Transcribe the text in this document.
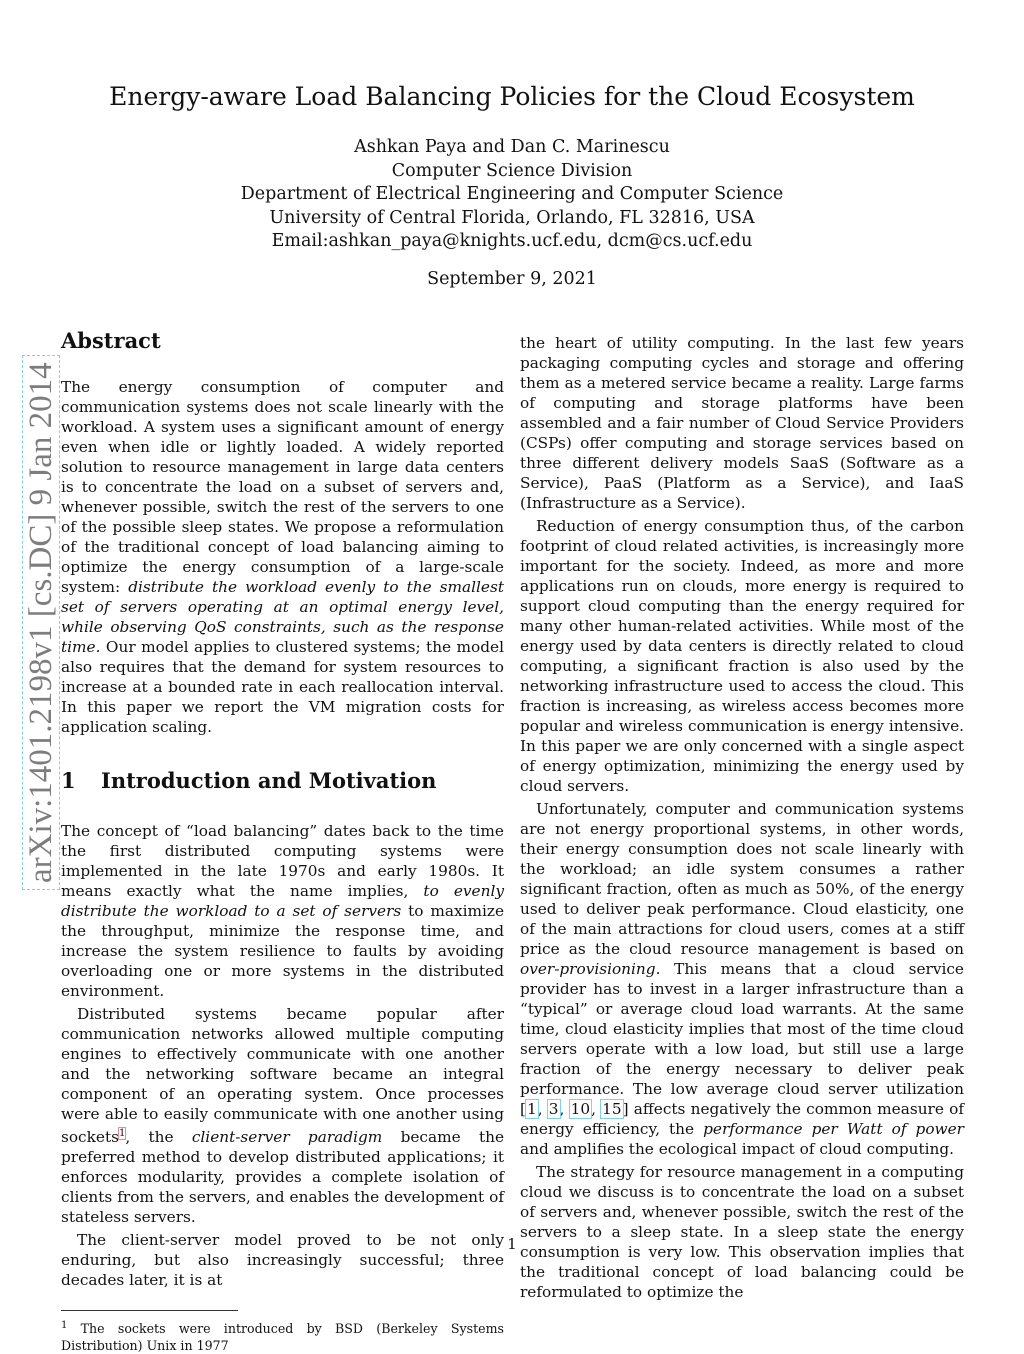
Energy-aware Load Balancing Policies for the Cloud Ecosystem
Ashkan Paya and Dan C. Marinescu
Computer Science Division
Department of Electrical Engineering and Computer Science
University of Central Florida, Orlando, FL 32816, USA
Email:ashkan_paya@knights.ucf.edu, dcm@cs.ucf.edu
September 9, 2021
arXiv:1401.2198v1 [cs.DC] 9 Jan 2014
Abstract

The energy consumption of computer and communication systems does not scale linearly with the workload. A system uses a significant amount of energy even when idle or lightly loaded. A widely reported solution to resource management in large data centers is to concentrate the load on a subset of servers and, whenever possible, switch the rest of the servers to one of the possible sleep states. We propose a reformulation of the traditional concept of load balancing aiming to optimize the energy consumption of a large-scale system: distribute the workload evenly to the smallest set of servers operating at an optimal energy level, while observing QoS constraints, such as the response time. Our model applies to clustered systems; the model also requires that the demand for system resources to increase at a bounded rate in each reallocation interval. In this paper we report the VM migration costs for application scaling.

1 Introduction and Motivation

The concept of “load balancing” dates back to the time the first distributed computing systems were implemented in the late 1970s and early 1980s. It means exactly what the name implies, to evenly distribute the workload to a set of servers to maximize the throughput, minimize the response time, and increase the system resilience to faults by avoiding overloading one or more systems in the distributed environment.

Distributed systems became popular after communication networks allowed multiple computing engines to effectively communicate with one another and the networking software became an integral component of an operating system. Once processes were able to easily communicate with one another using sockets$^1$, the client-server paradigm became the preferred method to develop distributed applications; it enforces modularity, provides a complete isolation of clients from the servers, and enables the development of stateless servers.

The client-server model proved to be not only enduring, but also increasingly successful; three decades later, it is at

$^1$ The sockets were introduced by BSD (Berkeley Systems Distribution) Unix in 1977

the heart of utility computing. In the last few years packaging computing cycles and storage and offering them as a metered service became a reality. Large farms of computing and storage platforms have been assembled and a fair number of Cloud Service Providers (CSPs) offer computing and storage services based on three different delivery models SaaS (Software as a Service), PaaS (Platform as a Service), and IaaS (Infrastructure as a Service).

Reduction of energy consumption thus, of the carbon footprint of cloud related activities, is increasingly more important for the society. Indeed, as more and more applications run on clouds, more energy is required to support cloud computing than the energy required for many other human-related activities. While most of the energy used by data centers is directly related to cloud computing, a significant fraction is also used by the networking infrastructure used to access the cloud. This fraction is increasing, as wireless access becomes more popular and wireless communication is energy intensive. In this paper we are only concerned with a single aspect of energy optimization, minimizing the energy used by cloud servers.

Unfortunately, computer and communication systems are not energy proportional systems, in other words, their energy consumption does not scale linearly with the workload; an idle system consumes a rather significant fraction, often as much as 50%, of the energy used to deliver peak performance. Cloud elasticity, one of the main attractions for cloud users, comes at a stiff price as the cloud resource management is based on over-provisioning. This means that a cloud service provider has to invest in a larger infrastructure than a “typical” or average cloud load warrants. At the same time, cloud elasticity implies that most of the time cloud servers operate with a low load, but still use a large fraction of the energy necessary to deliver peak performance. The low average cloud server utilization [1, 3, 10, 15] affects negatively the common measure of energy efficiency, the performance per Watt of power and amplifies the ecological impact of cloud computing.

The strategy for resource management in a computing cloud we discuss is to concentrate the load on a subset of servers and, whenever possible, switch the rest of the servers to a sleep state. In a sleep state the energy consumption is very low. This observation implies that the traditional concept of load balancing could be reformulated to optimize the

1
